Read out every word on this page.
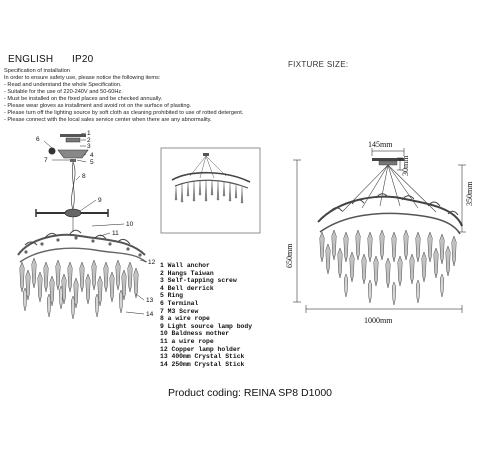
ENGLISH IP20	FIXTURE SIZE:
Specification of installation
In order to ensure safety use, please notice the following items:
- Read and understand the whole Specification.
- Suitable for the use of 220-240V and 50-60Hz.
- Must be installed on the fixed places and be checked annually.
- Please wear gloves as installment and avoid rot on the surface of plasting.
- Please turn off the lighting source by soft cloth as cleaning prohibited to use of rotted detergent.
- Please connect with the local sales service center when there are any abnormality.
1
2
3
4
5
6
7
8
9
10
11
12
13
14
145mm
30mm
350mm
650mm
1000mm
1 Wall anchor
2 Hangs Taiwan
3 Self-tapping screw
4 Bell derrick
5 Ring
6 Terminal
7 M3 Screw
8 a wire rope
9 Light source lamp body
10 Baldness mother
11 a wire rope
12 Copper lamp holder
13 400mm Crystal Stick
14 250mm Crystal Stick
Product coding: REINA SP8 D1000
